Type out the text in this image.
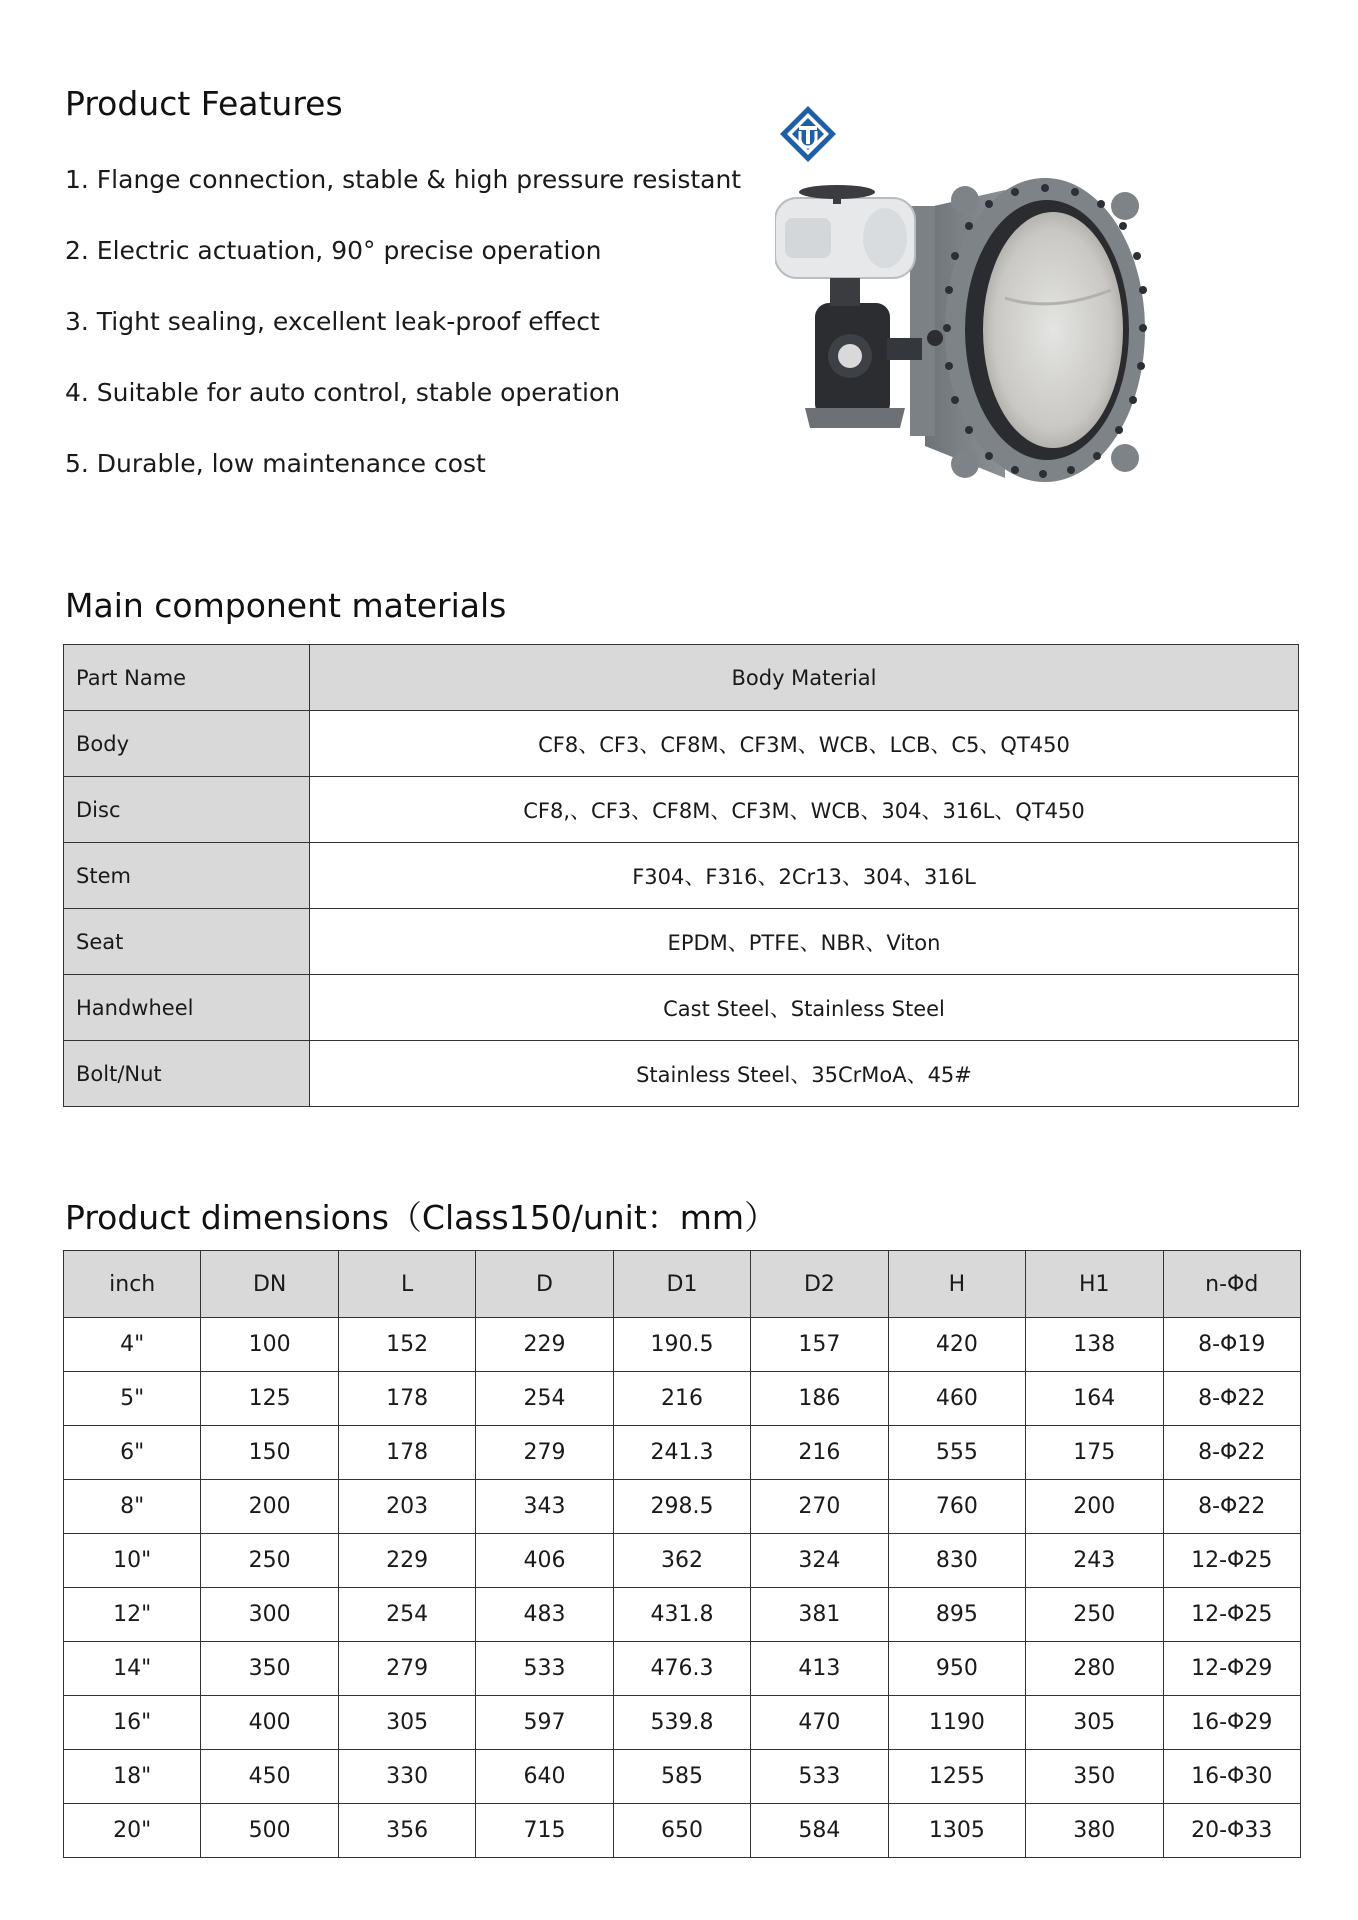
Product Features
1. Flange connection, stable & high pressure resistant
2. Electric actuation, 90° precise operation
3. Tight sealing, excellent leak-proof effect
4. Suitable for auto control, stable operation
5. Durable, low maintenance cost
Main component materials
Part Name	Body Material
Body	CF8、CF3、CF8M、CF3M、WCB、LCB、C5、QT450
Disc	CF8,、CF3、CF8M、CF3M、WCB、304、316L、QT450
Stem	F304、F316、2Cr13、304、316L
Seat	EPDM、PTFE、NBR、Viton
Handwheel	Cast Steel、Stainless Steel
Bolt/Nut	Stainless Steel、35CrMoA、45#
Product dimensions（Class150/unit：mm）
inch	DN	L	D	D1	D2	H	H1	n-Φd
4"	100	152	229	190.5	157	420	138	8-Φ19
5"	125	178	254	216	186	460	164	8-Φ22
6"	150	178	279	241.3	216	555	175	8-Φ22
8"	200	203	343	298.5	270	760	200	8-Φ22
10"	250	229	406	362	324	830	243	12-Φ25
12"	300	254	483	431.8	381	895	250	12-Φ25
14"	350	279	533	476.3	413	950	280	12-Φ29
16"	400	305	597	539.8	470	1190	305	16-Φ29
18"	450	330	640	585	533	1255	350	16-Φ30
20"	500	356	715	650	584	1305	380	20-Φ33
